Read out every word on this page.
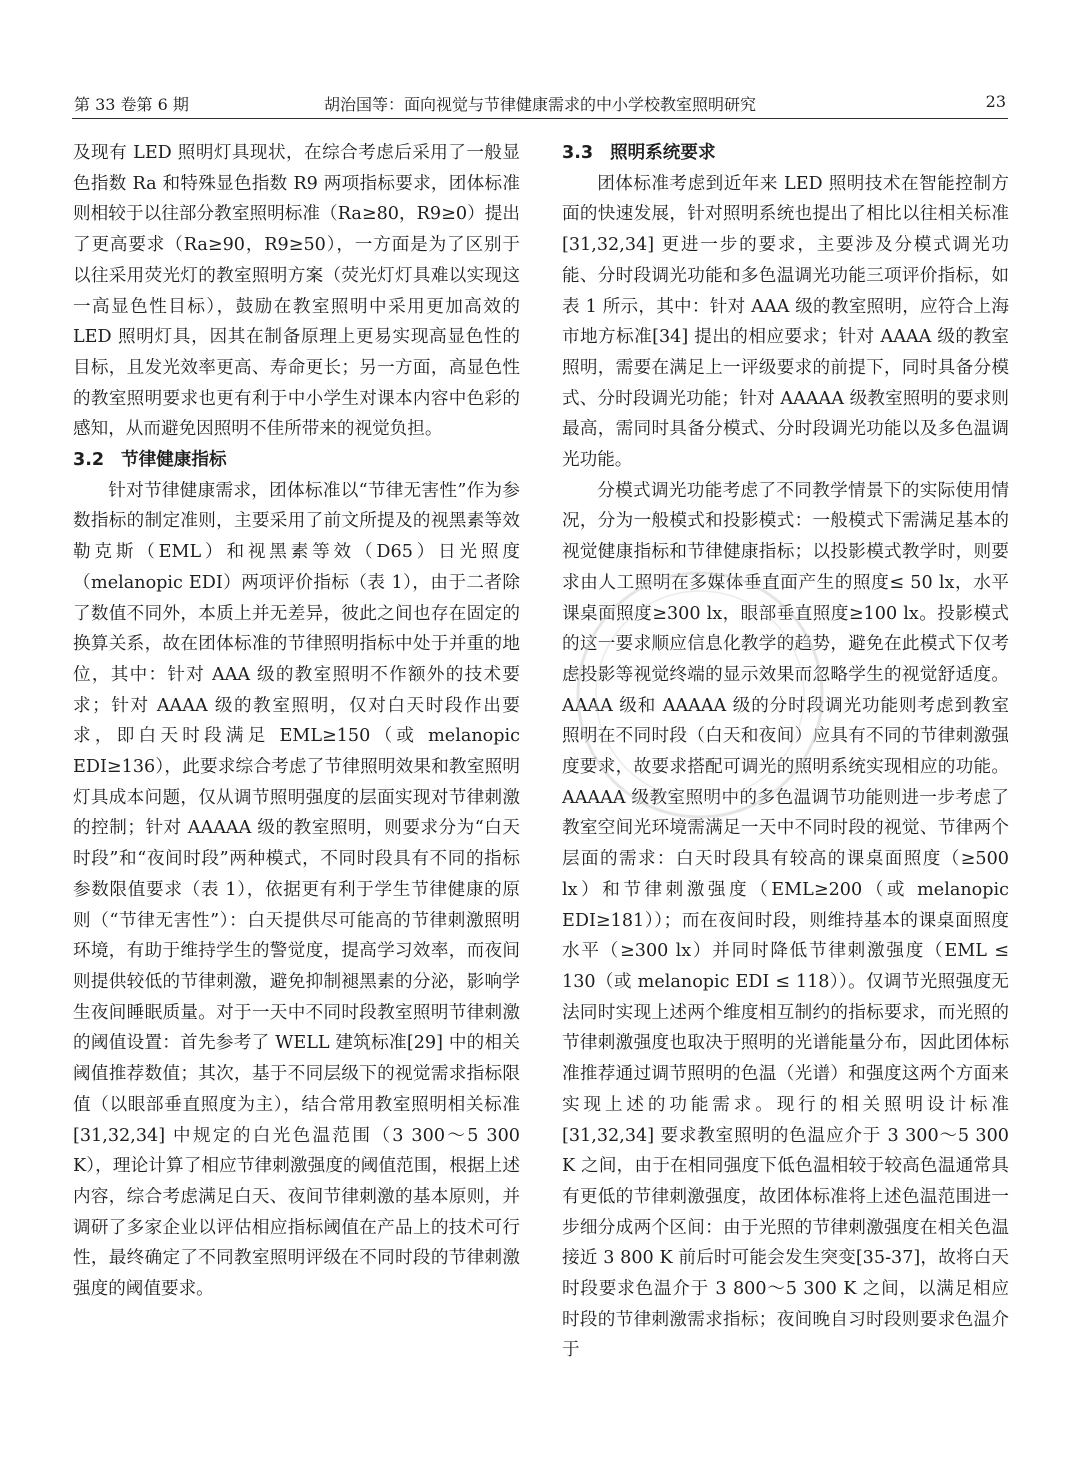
第 33 卷第 6 期	胡治国等：面向视觉与节律健康需求的中小学校教室照明研究	23

及现有 LED 照明灯具现状，在综合考虑后采用了一般显色指数 Ra 和特殊显色指数 R9 两项指标要求，团体标准则相较于以往部分教室照明标准（Ra≥80，R9≥0）提出了更高要求（Ra≥90，R9≥50），一方面是为了区别于以往采用荧光灯的教室照明方案（荧光灯灯具难以实现这一高显色性目标），鼓励在教室照明中采用更加高效的 LED 照明灯具，因其在制备原理上更易实现高显色性的目标，且发光效率更高、寿命更长；另一方面，高显色性的教室照明要求也更有利于中小学生对课本内容中色彩的感知，从而避免因照明不佳所带来的视觉负担。

3.2 节律健康指标

针对节律健康需求，团体标准以“节律无害性”作为参数指标的制定准则，主要采用了前文所提及的视黑素等效勒克斯（EML）和视黑素等效（D65）日光照度（melanopic EDI）两项评价指标（表 1），由于二者除了数值不同外，本质上并无差异，彼此之间也存在固定的换算关系，故在团体标准的节律照明指标中处于并重的地位，其中：针对 AAA 级的教室照明不作额外的技术要求；针对 AAAA 级的教室照明，仅对白天时段作出要求，即白天时段满足 EML≥150（或 melanopic EDI≥136），此要求综合考虑了节律照明效果和教室照明灯具成本问题，仅从调节照明强度的层面实现对节律刺激的控制；针对 AAAAA 级的教室照明，则要求分为“白天时段”和“夜间时段”两种模式，不同时段具有不同的指标参数限值要求（表 1），依据更有利于学生节律健康的原则（“节律无害性”）：白天提供尽可能高的节律刺激照明环境，有助于维持学生的警觉度，提高学习效率，而夜间则提供较低的节律刺激，避免抑制褪黑素的分泌，影响学生夜间睡眠质量。对于一天中不同时段教室照明节律刺激的阈值设置：首先参考了 WELL 建筑标准[29] 中的相关阈值推荐数值；其次，基于不同层级下的视觉需求指标限值（以眼部垂直照度为主），结合常用教室照明相关标准[31,32,34] 中规定的白光色温范围（3 300～5 300 K），理论计算了相应节律刺激强度的阈值范围，根据上述内容，综合考虑满足白天、夜间节律刺激的基本原则，并调研了多家企业以评估相应指标阈值在产品上的技术可行性，最终确定了不同教室照明评级在不同时段的节律刺激强度的阈值要求。

3.3 照明系统要求

团体标准考虑到近年来 LED 照明技术在智能控制方面的快速发展，针对照明系统也提出了相比以往相关标准[31,32,34] 更进一步的要求，主要涉及分模式调光功能、分时段调光功能和多色温调光功能三项评价指标，如表 1 所示，其中：针对 AAA 级的教室照明，应符合上海市地方标准[34] 提出的相应要求；针对 AAAA 级的教室照明，需要在满足上一评级要求的前提下，同时具备分模式、分时段调光功能；针对 AAAAA 级教室照明的要求则最高，需同时具备分模式、分时段调光功能以及多色温调光功能。

分模式调光功能考虑了不同教学情景下的实际使用情况，分为一般模式和投影模式：一般模式下需满足基本的视觉健康指标和节律健康指标；以投影模式教学时，则要求由人工照明在多媒体垂直面产生的照度≤ 50 lx，水平课桌面照度≥300 lx，眼部垂直照度≥100 lx。投影模式的这一要求顺应信息化教学的趋势，避免在此模式下仅考虑投影等视觉终端的显示效果而忽略学生的视觉舒适度。AAAA 级和 AAAAA 级的分时段调光功能则考虑到教室照明在不同时段（白天和夜间）应具有不同的节律刺激强度要求，故要求搭配可调光的照明系统实现相应的功能。AAAAA 级教室照明中的多色温调节功能则进一步考虑了教室空间光环境需满足一天中不同时段的视觉、节律两个层面的需求：白天时段具有较高的课桌面照度（≥500 lx）和节律刺激强度（EML≥200（或 melanopic EDI≥181））；而在夜间时段，则维持基本的课桌面照度水平（≥300 lx）并同时降低节律刺激强度（EML ≤ 130（或 melanopic EDI ≤ 118））。仅调节光照强度无法同时实现上述两个维度相互制约的指标要求，而光照的节律刺激强度也取决于照明的光谱能量分布，因此团体标准推荐通过调节照明的色温（光谱）和强度这两个方面来实现上述的功能需求。现行的相关照明设计标准[31,32,34] 要求教室照明的色温应介于 3 300～5 300 K 之间，由于在相同强度下低色温相较于较高色温通常具有更低的节律刺激强度，故团体标准将上述色温范围进一步细分成两个区间：由于光照的节律刺激强度在相关色温接近 3 800 K 前后时可能会发生突变[35-37]，故将白天时段要求色温介于 3 800～5 300 K 之间，以满足相应时段的节律刺激需求指标；夜间晚自习时段则要求色温介于
